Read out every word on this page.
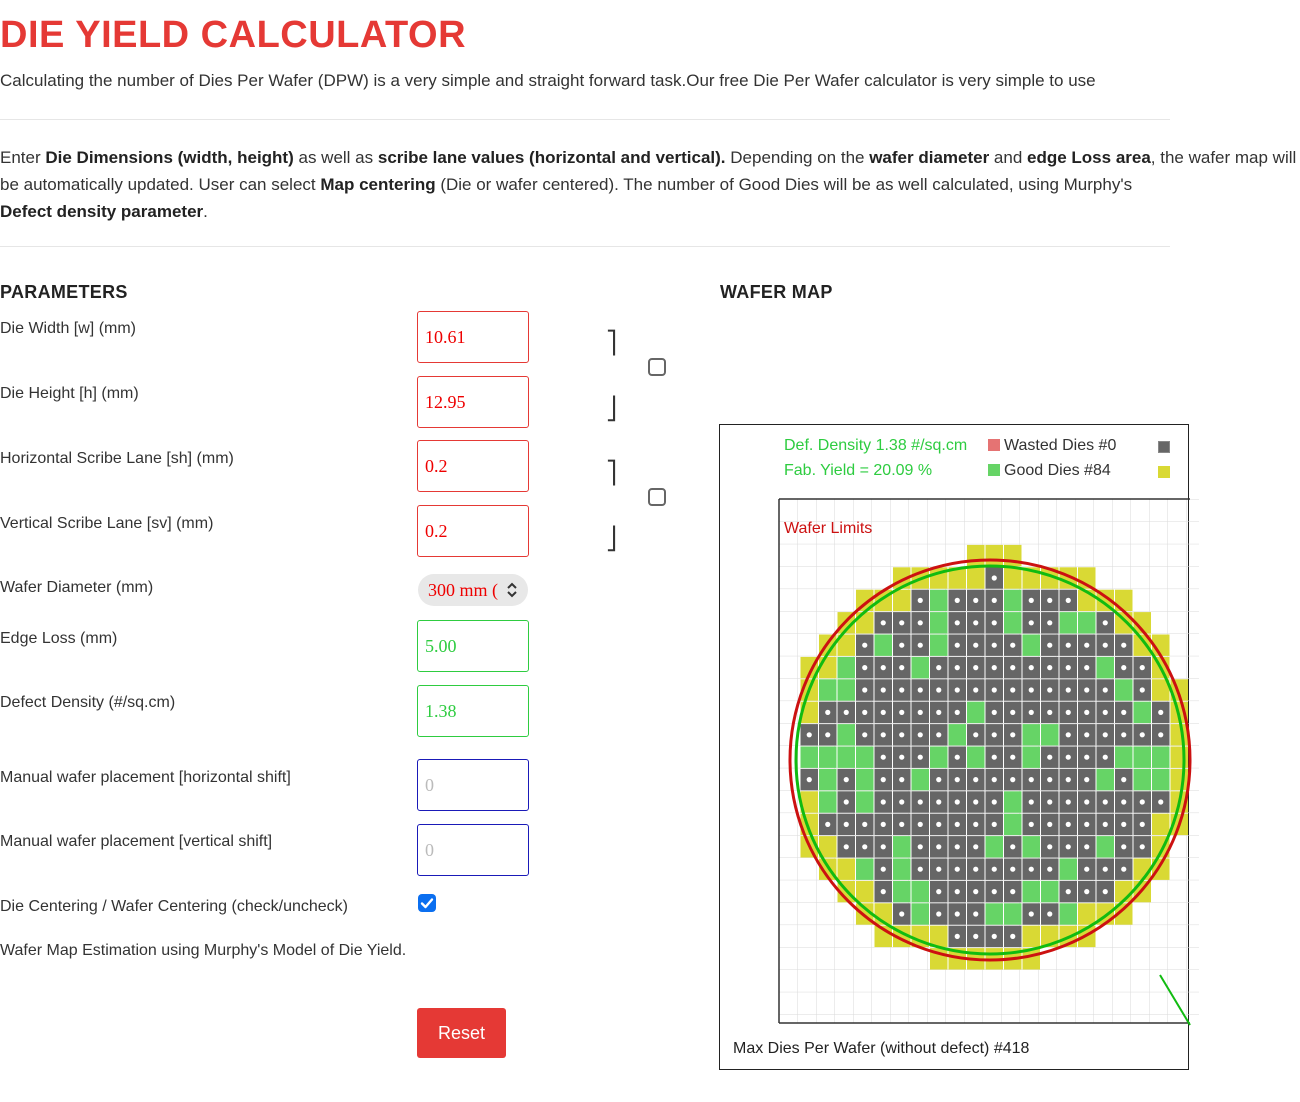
DIE YIELD CALCULATOR
Calculating the number of Dies Per Wafer (DPW) is a very simple and straight forward task.Our free Die Per Wafer calculator is very simple to use
Enter Die Dimensions (width, height) as well as scribe lane values (horizontal and vertical). Depending on the wafer diameter and edge Loss area, the wafer map will be automatically updated. User can select Map centering (Die or wafer centered). The number of Good Dies will be as well calculated, using Murphy's
Defect density parameter.
PARAMETERS
Die Width [w] (mm)	10.61
Die Height [h] (mm)	12.95
Horizontal Scribe Lane [sh] (mm)	0.2
Vertical Scribe Lane [sv] (mm)	0.2
⎤
⎦
⎤
⎦
Wafer Diameter (mm)	300 mm (
Edge Loss (mm)	5.00
Defect Density (#/sq.cm)	1.38
Manual wafer placement [horizontal shift]	0
Manual wafer placement [vertical shift]	0
Die Centering / Wafer Centering (check/uncheck)
Wafer Map Estimation using Murphy's Model of Die Yield.
Reset
WAFER MAP
Def. Density 1.38 #/sq.cm
Fab. Yield = 20.09 %
Wasted Dies #0
Good Dies #84
Wafer Limits
Max Dies Per Wafer (without defect) #418
